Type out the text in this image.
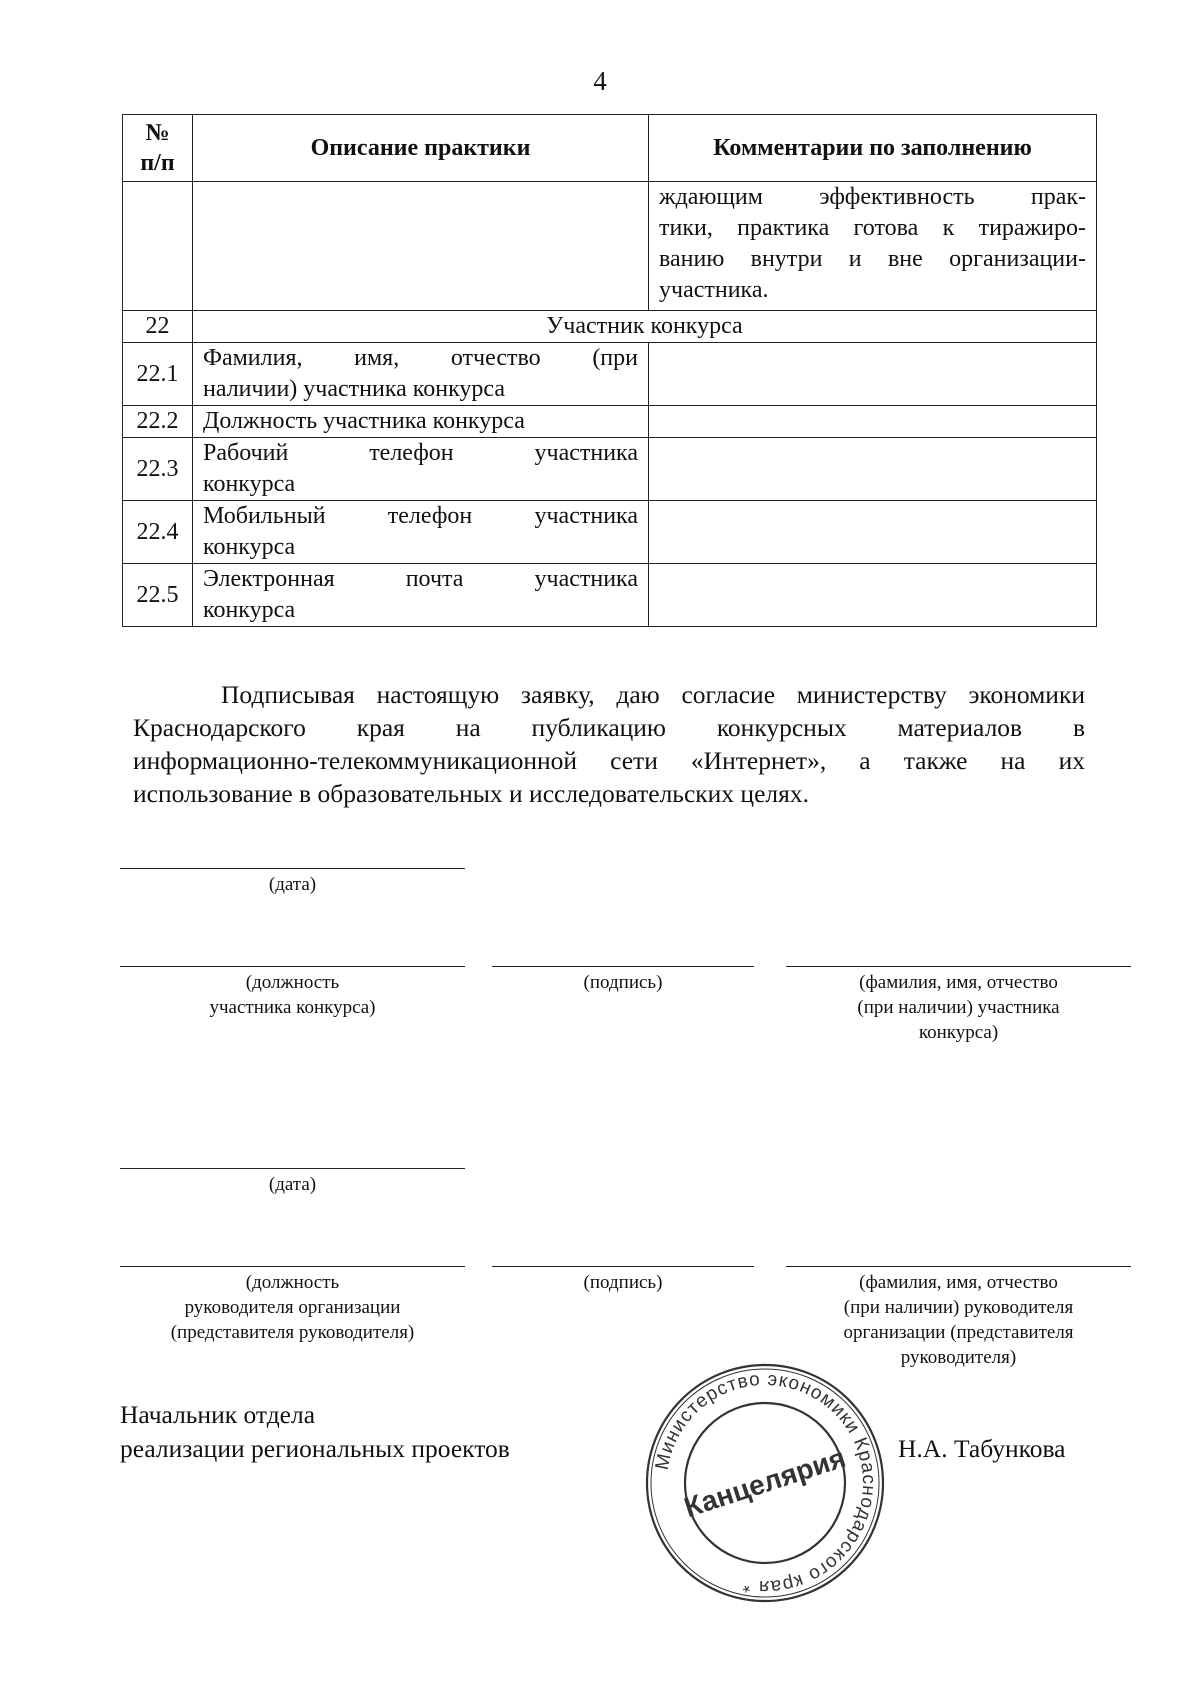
4
№
п/п	Описание практики	Комментарии по заполнению

		ждающим эффективность прак-
тики, практика готова к тиражиро-
ванию внутри и вне организации-
участника.

22	Участник конкурса	
22.1	Фамилия, имя, отчество (при
наличии) участника конкурса	

22.2	Должность участника конкурса	

22.3	Рабочий телефон участника
конкурса	

22.4	Мобильный телефон участника
конкурса	

22.5	Электронная почта участника
конкурса	

Подписывая настоящую заявку, даю согласие министерству экономики
Краснодарского края на публикацию конкурсных материалов в
информационно-телекоммуникационной сети «Интернет», а также на их
использование в образовательных и исследовательских целях.
(дата)
(должность
участника конкурса)
(подпись)	(фамилия, имя, отчество
(при наличии) участника
конкурса)
(дата)
(должность
руководителя организации
(представителя руководителя)
(подпись)	(фамилия, имя, отчество
(при наличии) руководителя
организации (представителя
руководителя)
Начальник отдела
реализации региональных проектов	Н.А. Табункова
Министерство экономики Краснодарского края *
Канцелярия
